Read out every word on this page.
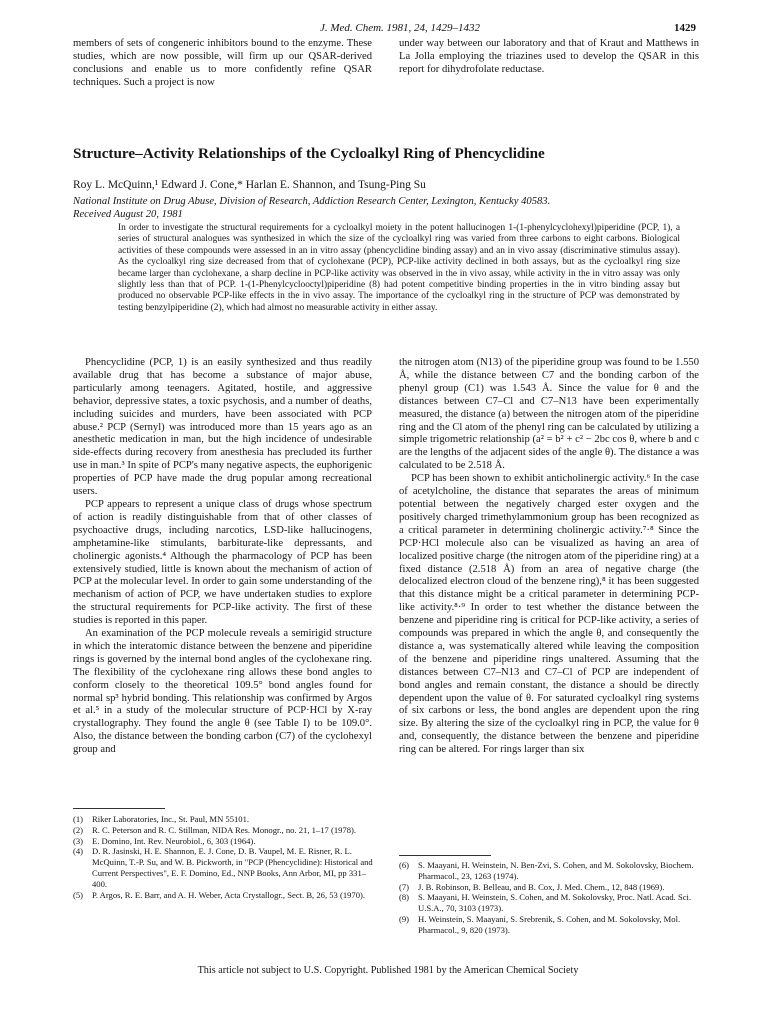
J. Med. Chem. 1981, 24, 1429–1432	1429

members of sets of congeneric inhibitors bound to the enzyme. These studies, which are now possible, will firm up our QSAR-derived conclusions and enable us to more confidently refine QSAR techniques. Such a project is now

under way between our laboratory and that of Kraut and Matthews in La Jolla employing the triazines used to develop the QSAR in this report for dihydrofolate reductase.

Structure–Activity Relationships of the Cycloalkyl Ring of Phencyclidine
Roy L. McQuinn,¹ Edward J. Cone,* Harlan E. Shannon, and Tsung-Ping Su
National Institute on Drug Abuse, Division of Research, Addiction Research Center, Lexington, Kentucky 40583.
Received August 20, 1981
In order to investigate the structural requirements for a cycloalkyl moiety in the potent hallucinogen 1-(1-phenylcyclohexyl)piperidine (PCP, 1), a series of structural analogues was synthesized in which the size of the cycloalkyl ring was varied from three carbons to eight carbons. Biological activities of these compounds were assessed in an in vitro assay (phencyclidine binding assay) and an in vivo assay (discriminative stimulus assay). As the cycloalkyl ring size decreased from that of cyclohexane (PCP), PCP-like activity declined in both assays, but as the cycloalkyl ring size became larger than cyclohexane, a sharp decline in PCP-like activity was observed in the in vivo assay, while activity in the in vitro assay was only slightly less than that of PCP. 1-(1-Phenylcyclooctyl)piperidine (8) had potent competitive binding properties in the in vitro binding assay but produced no observable PCP-like effects in the in vivo assay. The importance of the cycloalkyl ring in the structure of PCP was demonstrated by testing benzylpiperidine (2), which had almost no measurable activity in either assay.

Phencyclidine (PCP, 1) is an easily synthesized and thus readily available drug that has become a substance of major abuse, particularly among teenagers. Agitated, hostile, and aggressive behavior, depressive states, a toxic psychosis, and a number of deaths, including suicides and murders, have been associated with PCP abuse.² PCP (Sernyl) was introduced more than 15 years ago as an anesthetic medication in man, but the high incidence of undesirable side-effects during recovery from anesthesia has precluded its further use in man.³ In spite of PCP's many negative aspects, the euphorigenic properties of PCP have made the drug popular among recreational users.

PCP appears to represent a unique class of drugs whose spectrum of action is readily distinguishable from that of other classes of psychoactive drugs, including narcotics, LSD-like hallucinogens, amphetamine-like stimulants, barbiturate-like depressants, and cholinergic agonists.⁴ Although the pharmacology of PCP has been extensively studied, little is known about the mechanism of action of PCP at the molecular level. In order to gain some understanding of the mechanism of action of PCP, we have undertaken studies to explore the structural requirements for PCP-like activity. The first of these studies is reported in this paper.

An examination of the PCP molecule reveals a semirigid structure in which the interatomic distance between the benzene and piperidine rings is governed by the internal bond angles of the cyclohexane ring. The flexibility of the cyclohexane ring allows these bond angles to conform closely to the theoretical 109.5° bond angles found for normal sp³ hybrid bonding. This relationship was confirmed by Argos et al.⁵ in a study of the molecular structure of PCP·HCl by X-ray crystallography. They found the angle θ (see Table I) to be 109.0°. Also, the distance between the bonding carbon (C7) of the cyclohexyl group and

the nitrogen atom (N13) of the piperidine group was found to be 1.550 Å, while the distance between C7 and the bonding carbon of the phenyl group (C1) was 1.543 Å. Since the value for θ and the distances between C7–Cl and C7–N13 have been experimentally measured, the distance (a) between the nitrogen atom of the piperidine ring and the Cl atom of the phenyl ring can be calculated by utilizing a simple trigometric relationship (a² = b² + c² − 2bc cos θ, where b and c are the lengths of the adjacent sides of the angle θ). The distance a was calculated to be 2.518 Å.

PCP has been shown to exhibit anticholinergic activity.⁶ In the case of acetylcholine, the distance that separates the areas of minimum potential between the negatively charged ester oxygen and the positively charged trimethylammonium group has been recognized as a critical parameter in determining cholinergic activity.⁷·⁸ Since the PCP·HCl molecule also can be visualized as having an area of localized positive charge (the nitrogen atom of the piperidine ring) at a fixed distance (2.518 Å) from an area of negative charge (the delocalized electron cloud of the benzene ring),⁸ it has been suggested that this distance might be a critical parameter in determining PCP-like activity.⁸·⁹ In order to test whether the distance between the benzene and piperidine ring is critical for PCP-like activity, a series of compounds was prepared in which the angle θ, and consequently the distance a, was systematically altered while leaving the composition of the benzene and piperidine rings unaltered. Assuming that the distances between C7–N13 and C7–Cl of PCP are independent of bond angles and remain constant, the distance a should be directly dependent upon the value of θ. For saturated cycloalkyl ring systems of six carbons or less, the bond angles are dependent upon the ring size. By altering the size of the cycloalkyl ring in PCP, the value for θ and, consequently, the distance between the benzene and piperidine ring can be altered. For rings larger than six

(1)	Riker Laboratories, Inc., St. Paul, MN 55101.
(2)	R. C. Peterson and R. C. Stillman, NIDA Res. Monogr., no. 21, 1–17 (1978).
(3)	E. Domino, Int. Rev. Neurobiol., 6, 303 (1964).
(4)	D. R. Jasinski, H. E. Shannon, E. J. Cone, D. B. Vaupel, M. E. Risner, R. L. McQuinn, T.-P. Su, and W. B. Pickworth, in "PCP (Phencyclidine): Historical and Current Perspectives", E. F. Domino, Ed., NNP Books, Ann Arbor, MI, pp 331–400.
(5)	P. Argos, R. E. Barr, and A. H. Weber, Acta Crystallogr., Sect. B, 26, 53 (1970).
(6)	S. Maayani, H. Weinstein, N. Ben-Zvi, S. Cohen, and M. Sokolovsky, Biochem. Pharmacol., 23, 1263 (1974).
(7)	J. B. Robinson, B. Belleau, and B. Cox, J. Med. Chem., 12, 848 (1969).
(8)	S. Maayani, H. Weinstein, S. Cohen, and M. Sokolovsky, Proc. Natl. Acad. Sci. U.S.A., 70, 3103 (1973).
(9)	H. Weinstein, S. Maayani, S. Srebrenik, S. Cohen, and M. Sokolovsky, Mol. Pharmacol., 9, 820 (1973).
This article not subject to U.S. Copyright. Published 1981 by the American Chemical Society
